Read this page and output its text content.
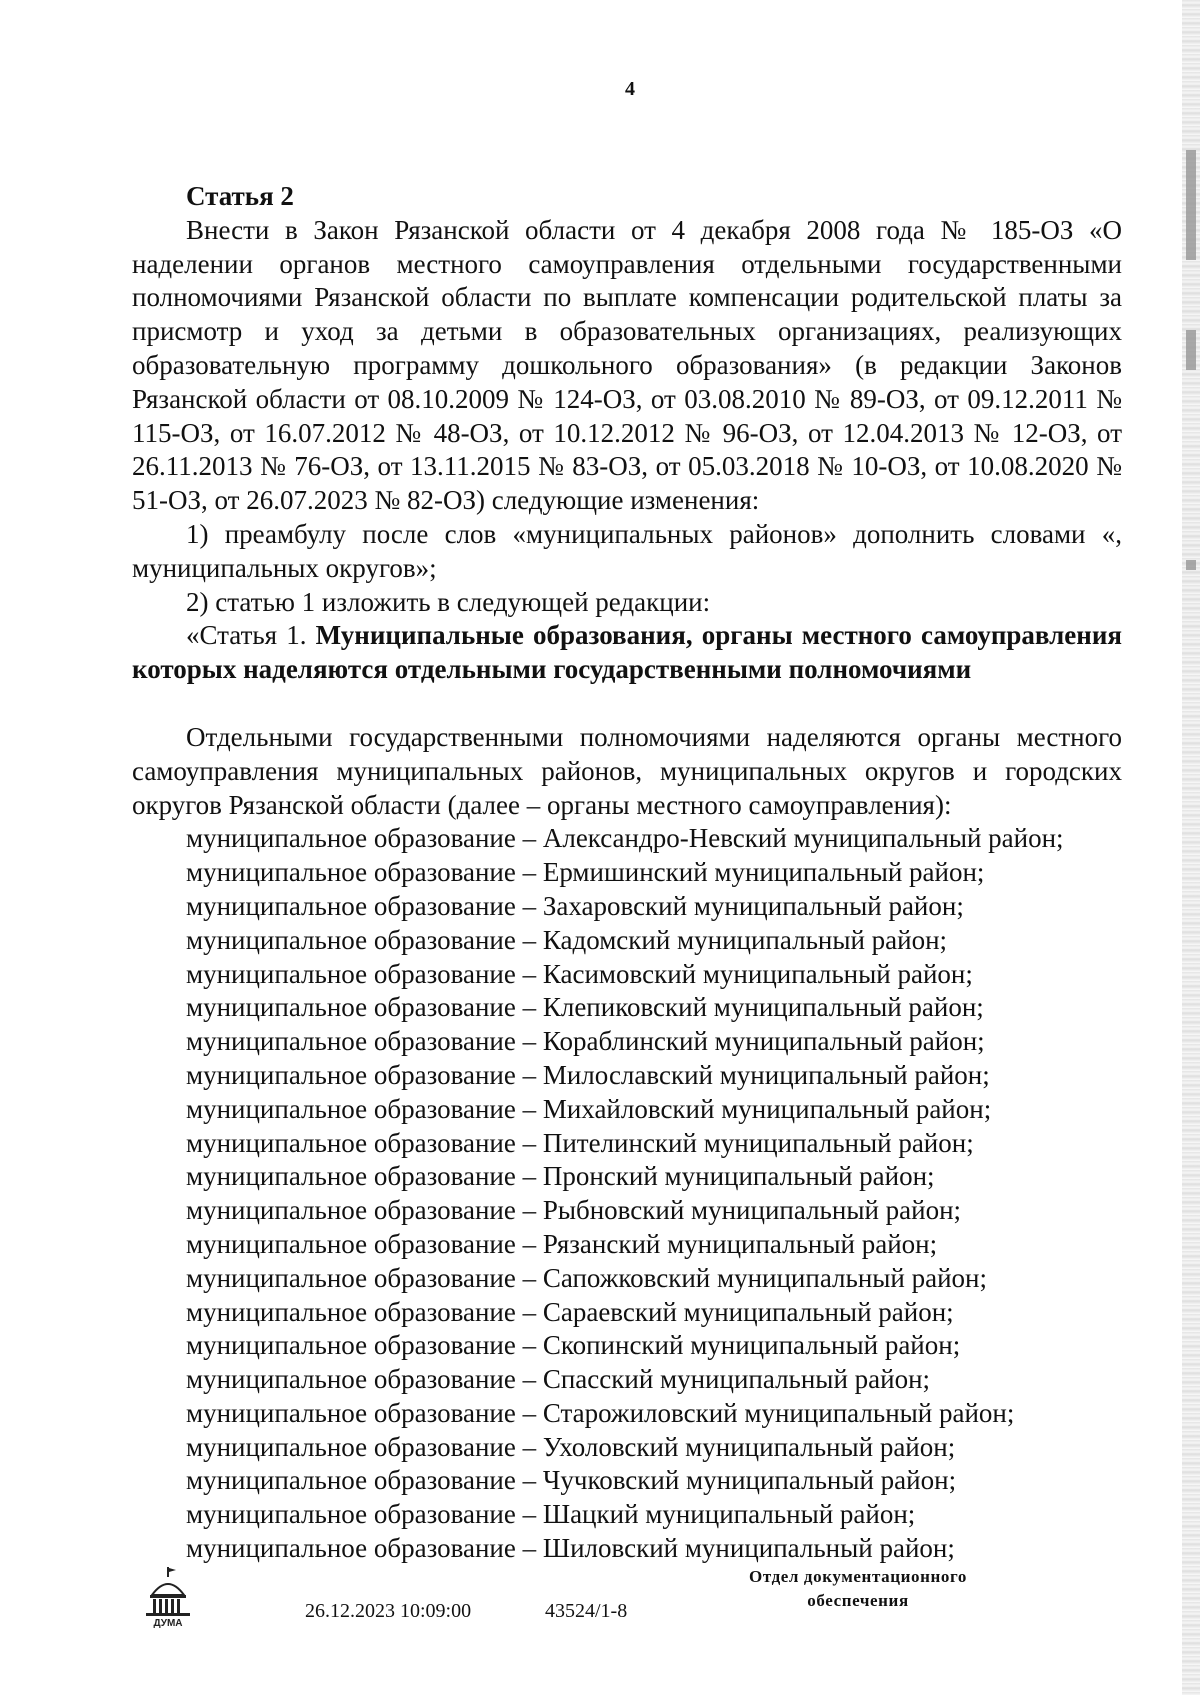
4

Статья 2

Внести в Закон Рязанской области от 4 декабря 2008 года № 185-ОЗ «О наделении органов местного самоуправления отдельными государственными полномочиями Рязанской области по выплате компенсации родительской платы за присмотр и уход за детьми в образовательных организациях, реализующих образовательную программу дошкольного образования» (в редакции Законов Рязанской области от 08.10.2009 № 124-ОЗ, от 03.08.2010 № 89-ОЗ, от 09.12.2011 № 115-ОЗ, от 16.07.2012 № 48-ОЗ, от 10.12.2012 № 96-ОЗ, от 12.04.2013 № 12-ОЗ, от 26.11.2013 № 76-ОЗ, от 13.11.2015 № 83-ОЗ, от 05.03.2018 № 10-ОЗ, от 10.08.2020 № 51-ОЗ, от 26.07.2023 № 82-ОЗ) следующие изменения:

1) преамбулу после слов «муниципальных районов» дополнить словами «, муниципальных округов»;

2) статью 1 изложить в следующей редакции:

«Статья 1. Муниципальные образования, органы местного самоуправления которых наделяются отдельными государственными полномочиями

Отдельными государственными полномочиями наделяются органы местного самоуправления муниципальных районов, муниципальных округов и городских округов Рязанской области (далее – органы местного самоуправления):

муниципальное образование – Александро-Невский муниципальный район;
муниципальное образование – Ермишинский муниципальный район;
муниципальное образование – Захаровский муниципальный район;
муниципальное образование – Кадомский муниципальный район;
муниципальное образование – Касимовский муниципальный район;
муниципальное образование – Клепиковский муниципальный район;
муниципальное образование – Кораблинский муниципальный район;
муниципальное образование – Милославский муниципальный район;
муниципальное образование – Михайловский муниципальный район;
муниципальное образование – Пителинский муниципальный район;
муниципальное образование – Пронский муниципальный район;
муниципальное образование – Рыбновский муниципальный район;
муниципальное образование – Рязанский муниципальный район;
муниципальное образование – Сапожковский муниципальный район;
муниципальное образование – Сараевский муниципальный район;
муниципальное образование – Скопинский муниципальный район;
муниципальное образование – Спасский муниципальный район;
муниципальное образование – Старожиловский муниципальный район;
муниципальное образование – Ухоловский муниципальный район;
муниципальное образование – Чучковский муниципальный район;
муниципальное образование – Шацкий муниципальный район;
муниципальное образование – Шиловский муниципальный район;
ДУМА
26.12.2023 10:09:00	43524/1-8
Отдел документационного
обеспечения
